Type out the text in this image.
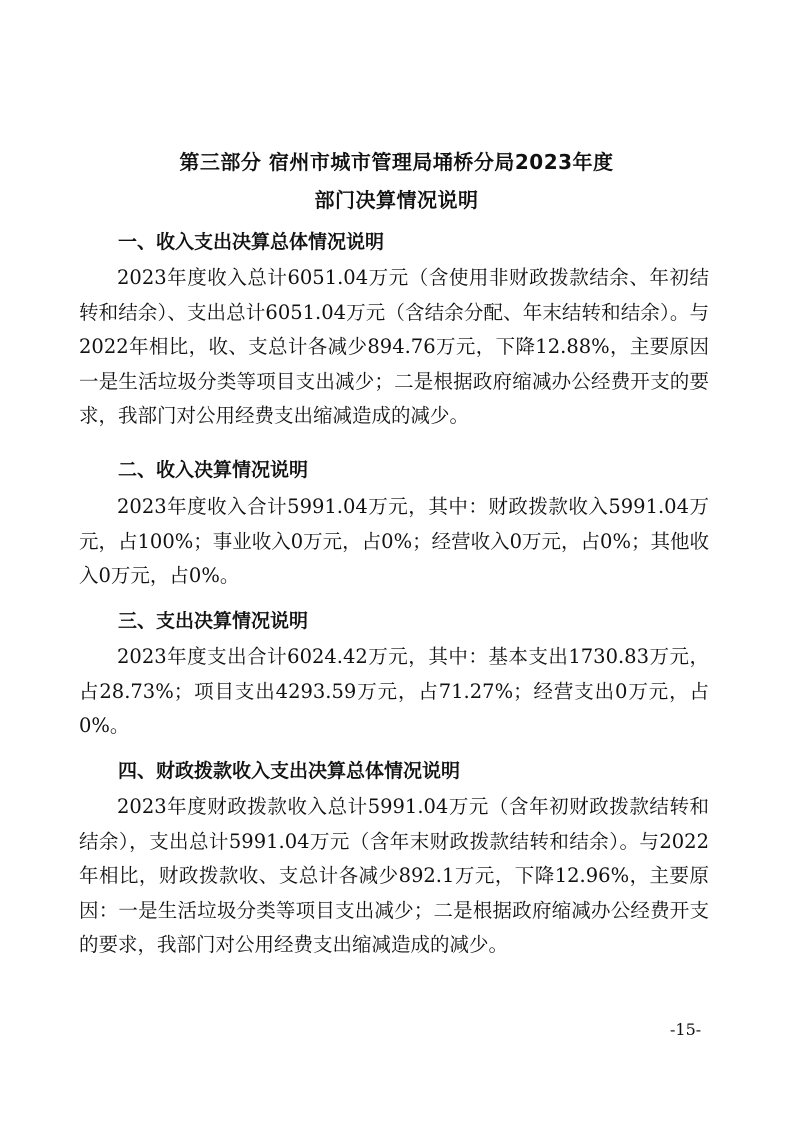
第三部分 宿州市城市管理局埇桥分局2023年度
部门决算情况说明
一、收入支出决算总体情况说明
2023年度收入总计6051.04万元（含使用非财政拨款结余、年初结转和结余）、支出总计6051.04万元（含结余分配、年末结转和结余）。与2022年相比，收、支总计各减少894.76万元，下降12.88%，主要原因一是生活垃圾分类等项目支出减少；二是根据政府缩减办公经费开支的要求，我部门对公用经费支出缩减造成的减少。
二、收入决算情况说明
2023年度收入合计5991.04万元，其中：财政拨款收入5991.04万元，占100%；事业收入0万元，占0%；经营收入0万元，占0%；其他收入0万元，占0%。
三、支出决算情况说明
2023年度支出合计6024.42万元，其中：基本支出1730.83万元，占28.73%；项目支出4293.59万元，占71.27%；经营支出0万元，占0%。
四、财政拨款收入支出决算总体情况说明
2023年度财政拨款收入总计5991.04万元（含年初财政拨款结转和结余），支出总计5991.04万元（含年末财政拨款结转和结余）。与2022年相比，财政拨款收、支总计各减少892.1万元，下降12.96%，主要原因：一是生活垃圾分类等项目支出减少；二是根据政府缩减办公经费开支的要求，我部门对公用经费支出缩减造成的减少。
-15-
